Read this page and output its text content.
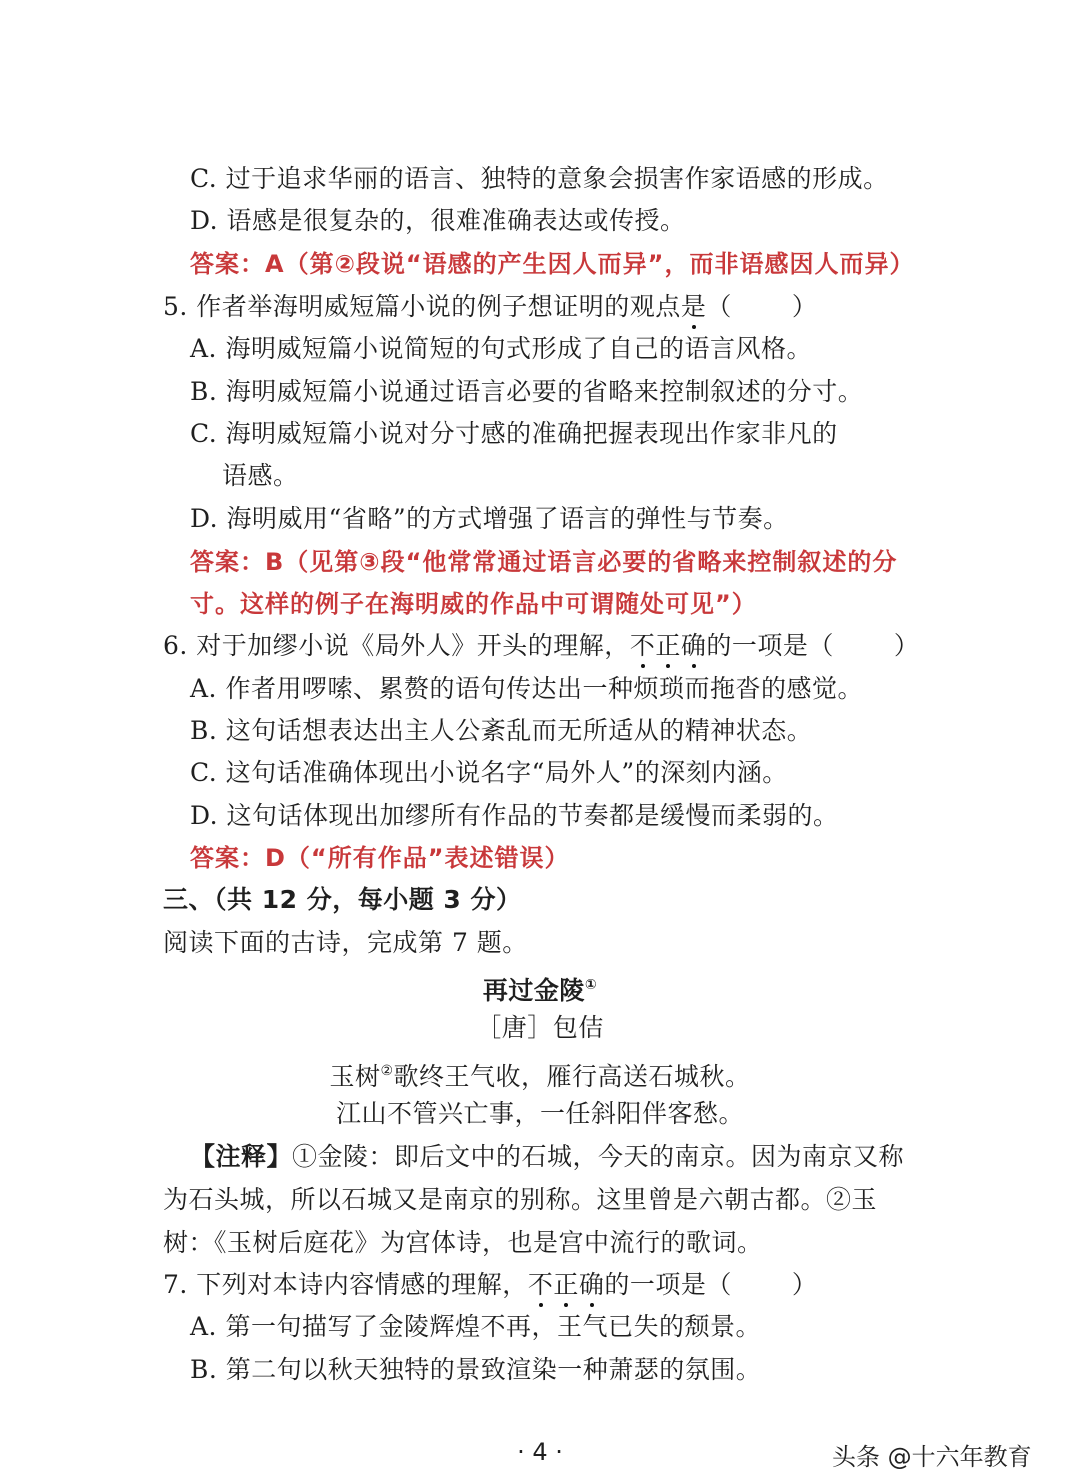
C. 过于追求华丽的语言、独特的意象会损害作家语感的形成。
D. 语感是很复杂的，很难准确表达或传授。
答案：A（第②段说“语感的产生因人而异”，而非语感因人而异）
5. 作者举海明威短篇小说的例子想证明的观点是（ ）
A. 海明威短篇小说简短的句式形成了自己的语言风格。
B. 海明威短篇小说通过语言必要的省略来控制叙述的分寸。
C. 海明威短篇小说对分寸感的准确把握表现出作家非凡的
语感。
D. 海明威用“省略”的方式增强了语言的弹性与节奏。
答案：B（见第③段“他常常通过语言必要的省略来控制叙述的分
寸。这样的例子在海明威的作品中可谓随处可见”）
6. 对于加缪小说《局外人》开头的理解，不正确的一项是（ ）
A. 作者用啰嗦、累赘的语句传达出一种烦琐而拖沓的感觉。
B. 这句话想表达出主人公紊乱而无所适从的精神状态。
C. 这句话准确体现出小说名字“局外人”的深刻内涵。
D. 这句话体现出加缪所有作品的节奏都是缓慢而柔弱的。
答案：D（“所有作品”表述错误）
三、（共 12 分，每小题 3 分）
阅读下面的古诗，完成第 7 题。
再过金陵①
［唐］包佶
玉树②歌终王气收，雁行高送石城秋。
江山不管兴亡事，一任斜阳伴客愁。
【注释】①金陵：即后文中的石城，今天的南京。因为南京又称
为石头城，所以石城又是南京的别称。这里曾是六朝古都。②玉
树：《玉树后庭花》为宫体诗，也是宫中流行的歌词。
7. 下列对本诗内容情感的理解，不正确的一项是（ ）
A. 第一句描写了金陵辉煌不再，王气已失的颓景。
B. 第二句以秋天独特的景致渲染一种萧瑟的氛围。
· 4 ·	头条 @十六年教育
